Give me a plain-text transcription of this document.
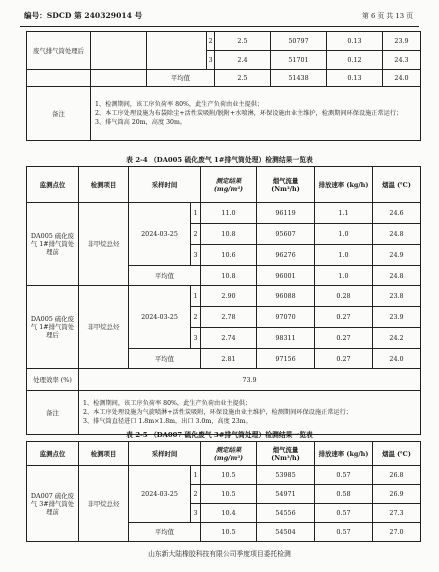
编号：SDCD 第 240329014 号	第 6 页 共 13 页
废气排气筒处理后			2	2.5	50797	0.13	23.9
			3	2.4	51701	0.12	24.3
		平均值		2.5	51438	0.13	24.0
备注	1、检测期间，该工序负荷率 80%，此生产负荷由业主提供；
2、本工序处理设施为布袋除尘+活性炭吸附/脱附+水喷淋，环保设施由业主维护，检测期间环保设施正常运行；
3、排气筒高 20m，高度 30m。						
表 2-4 （DA005 硫化废气 1#排气筒处理）检测结果一览表
监测点位	检测项目	采样时间		测定结果 (mg/m³)	烟气流量 (Nm³/h)	排放速率 (kg/h)	烟温 (℃)
DA005 硫化废气 1#排气筒处理前	非甲烷总烃	2024-03-25	1	11.0	96119	1.1	24.6
			2	10.8	95607	1.0	24.8
			3	10.6	96276	1.0	24.9
		平均值		10.8	96001	1.0	24.8
DA005 硫化废气 1#排气筒处理后	非甲烷总烃	2024-03-25	1	2.90	96088	0.28	23.8
			2	2.78	97070	0.27	23.9
			3	2.74	98311	0.27	24.2
		平均值		2.81	97156	0.27	24.0
处理效率 (%)	73.9						
备注	1、检测期间，该工序负荷率 80%，此生产负荷由业主提供；
2、本工序处理设施为气旋喷淋+活性炭吸附，环保设施由业主维护，检测期间环保设施正常运行；
3、排气筒直径进口 1.8m×1.8m，出口 3.0m，高度 23m。						
表 2-5 （DA007 硫化废气 3#排气筒处理）检测结果一览表
监测点位	检测项目	采样时间		测定结果 (mg/m³)	烟气流量 (Nm³/h)	排放速率 (kg/h)	烟温 (℃)
DA007 硫化废气 3#排气筒处理前	非甲烷总烃	2024-03-25	1	10.5	53985	0.57	26.8
			2	10.5	54971	0.58	26.9
			3	10.4	54556	0.57	27.3
		平均值		10.5	54504	0.57	27.0
山东新大陆橡胶科技有限公司季度项目委托检测
